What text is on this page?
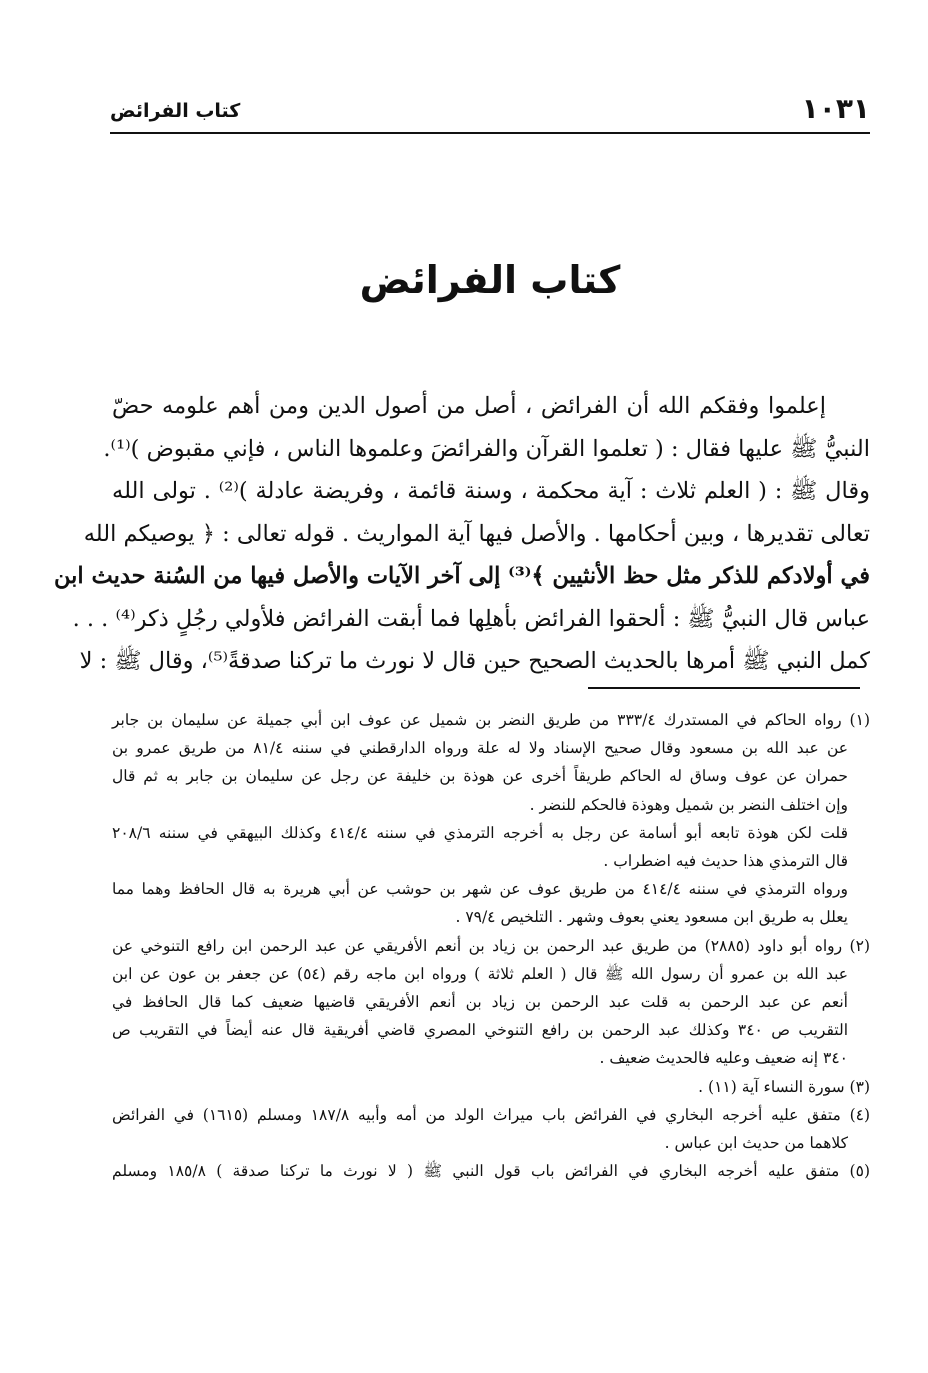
١٠٣١
كتاب الفرائض
كتاب الفرائض
إعلموا وفقكم الله أن الفرائض ، أصل من أصول الدين ومن أهم علومه حضّ
النبيُّ ﷺ عليها فقال : ( تعلموا القرآن والفرائضَ وعلموها الناس ، فإني مقبوض )⁽¹⁾.
وقال ﷺ : ( العلم ثلاث : آية محكمة ، وسنة قائمة ، وفريضة عادلة )⁽²⁾ . تولى الله
تعالى تقديرها ، وبين أحكامها . والأصل فيها آية المواريث . قوله تعالى : ﴿ يوصيكم الله
في أولادكم للذكر مثل حظ الأنثيين ﴾⁽³⁾ إلى آخر الآيات والأصل فيها من السُنة حديث ابن
عباس قال النبيُّ ﷺ : ألحقوا الفرائض بأهلِها فما أبقت الفرائض فلأولي رجُلٍ ذكر⁽⁴⁾ . . .
كمل النبي ﷺ أمرها بالحديث الصحيح حين قال لا نورث ما تركنا صدقةً⁽⁵⁾، وقال ﷺ : لا
(١) رواه الحاكم في المستدرك ٣٣٣/٤ من طريق النضر بن شميل عن عوف ابن أبي جميلة عن سليمان بن جابر
عن عبد الله بن مسعود وقال صحيح الإسناد ولا له علة ورواه الدارقطني في سننه ٨١/٤ من طريق عمرو بن
حمران عن عوف وساق له الحاكم طريقاً أخرى عن هوذة بن خليفة عن رجل عن سليمان بن جابر به ثم قال
وإن اختلف النضر بن شميل وهوذة فالحكم للنضر .
قلت لكن هوذة تابعه أبو أسامة عن رجل به أخرجه الترمذي في سننه ٤١٤/٤ وكذلك البيهقي في سننه ٢٠٨/٦
قال الترمذي هذا حديث فيه اضطراب .
ورواه الترمذي في سننه ٤١٤/٤ من طريق عوف عن شهر بن حوشب عن أبي هريرة به قال الحافظ وهما مما
يعلل به طريق ابن مسعود يعني بعوف وشهر . التلخيص ٧٩/٤ .
(٢) رواه أبو داود (٢٨٨٥) من طريق عبد الرحمن بن زياد بن أنعم الأفريقي عن عبد الرحمن ابن رافع التنوخي عن
عبد الله بن عمرو أن رسول الله ﷺ قال ( العلم ثلاثة ) ورواه ابن ماجه رقم (٥٤) عن جعفر بن عون عن ابن
أنعم عن عبد الرحمن به قلت عبد الرحمن بن زياد بن أنعم الأفريقي قاضيها ضعيف كما قال الحافظ في
التقريب ص ٣٤٠ وكذلك عبد الرحمن بن رافع التنوخي المصري قاضي أفريقية قال عنه أيضاً في التقريب ص
٣٤٠ إنه ضعيف وعليه فالحديث ضعيف .
(٣) سورة النساء آية (١١) .
(٤) متفق عليه أخرجه البخاري في الفرائض باب ميراث الولد من أمه وأبيه ١٨٧/٨ ومسلم (١٦١٥) في الفرائض
كلاهما من حديث ابن عباس .
(٥) متفق عليه أخرجه البخاري في الفرائض باب قول النبي ﷺ ( لا نورث ما تركنا صدقة ) ١٨٥/٨ ومسلم
